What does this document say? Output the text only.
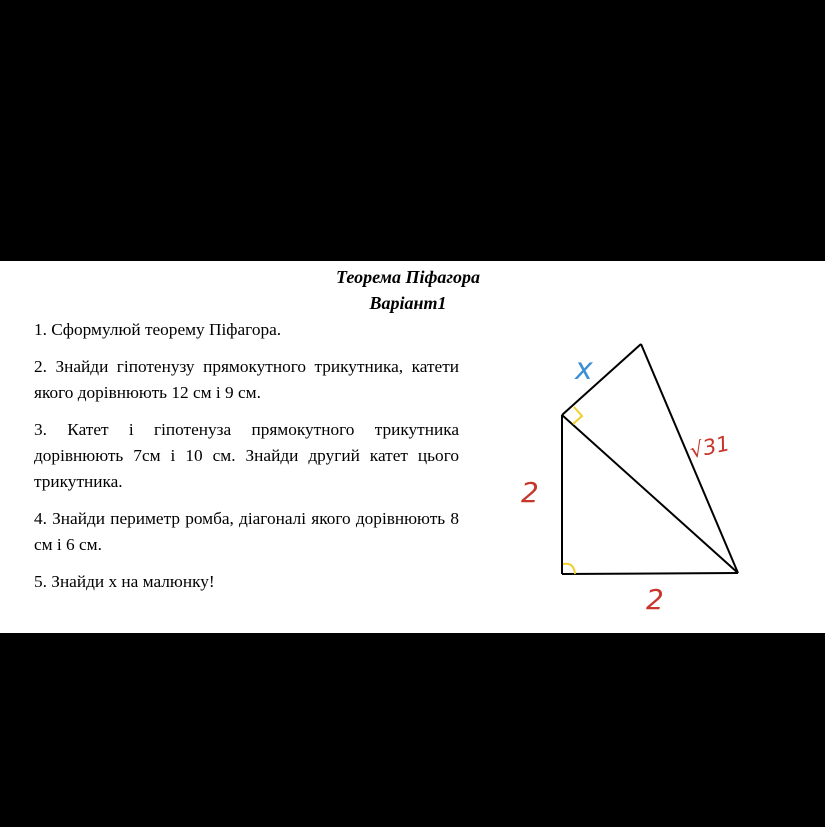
Теорема Піфагора

Варіант1

1. Сформулюй теорему Піфагора.
2. Знайди гіпотенузу прямокутного трикутника, катети якого дорівнюють 12 см і 9 см.
3. Катет і гіпотенуза прямокутного трикутника дорівнюють 7см і 10 см. Знайди другий катет цього трикутника.
4. Знайди периметр ромба, діагоналі якого дорівнюють 8 см і 6 см.
5. Знайди х на малюнку!
x
√31
2
2
